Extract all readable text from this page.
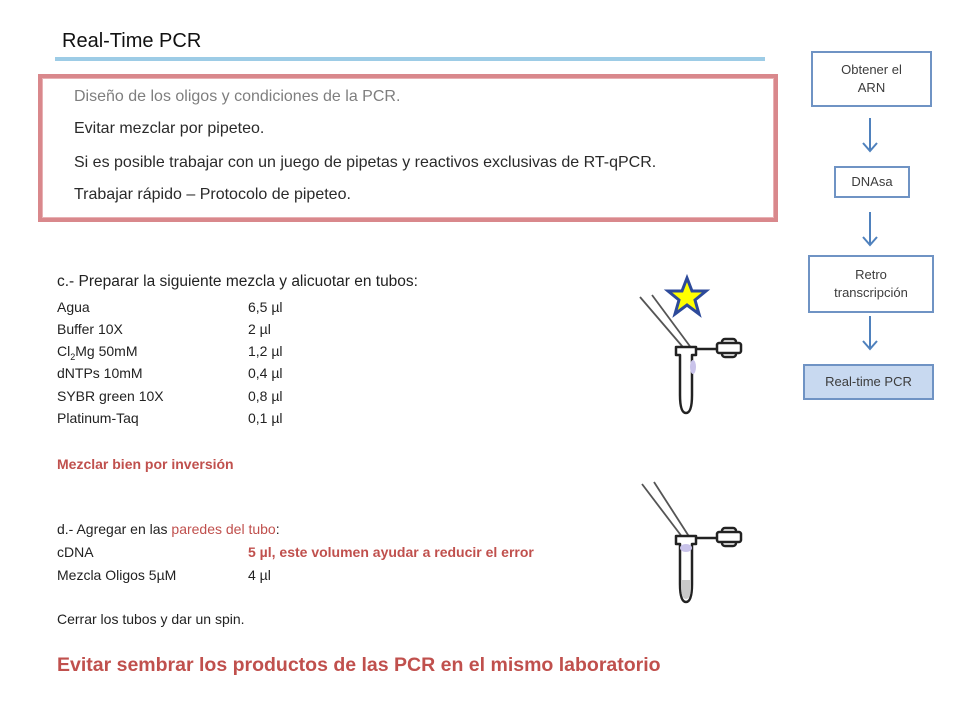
Real-Time PCR
Diseño de los oligos y condiciones de la PCR.
Evitar mezclar por pipeteo.
Si es posible trabajar con un juego de pipetas y reactivos exclusivas de RT-qPCR.
Trabajar rápido – Protocolo de pipeteo.
c.- Preparar la siguiente mezcla y alicuotar en tubos:
Agua	6,5 µl
Buffer 10X	2 µl
$Cl_2Mg$ 50mM	1,2 µl
dNTPs 10mM	0,4 µl
SYBR green 10X	0,8 µl
Platinum-Taq	0,1 µl
Mezclar bien por inversión
d.- Agregar en las paredes del tubo:
cDNA	5 µl, este volumen ayudar a reducir el error
Mezcla Oligos 5µM	4 µl
Cerrar los tubos y dar un spin.
Evitar sembrar los productos de las PCR en el mismo laboratorio
Obtener el
ARN
DNAsa
Retro
transcripción
Real-time PCR
